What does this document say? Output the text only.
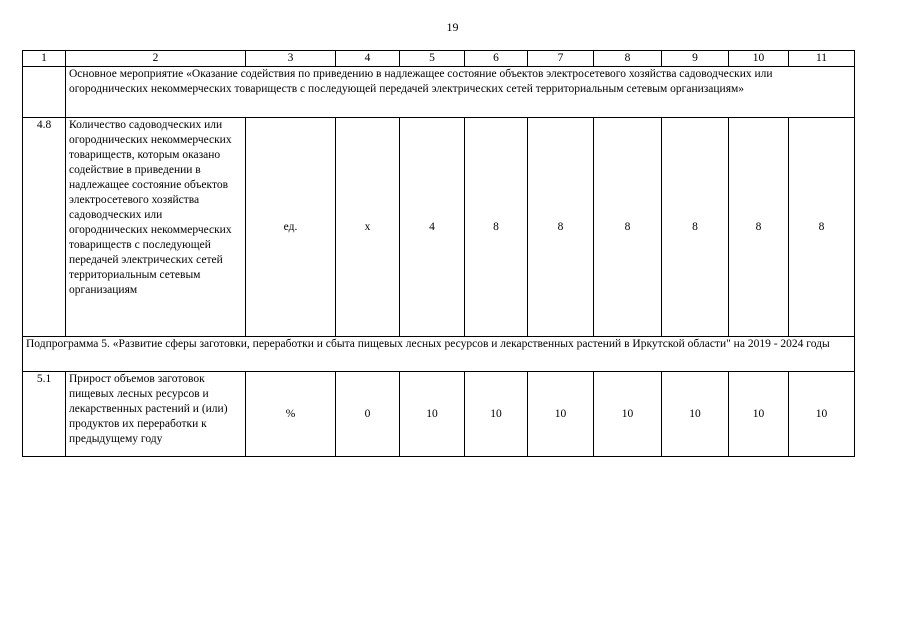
19
1	2	3	4	5	6	7	8	9	10	11
	Основное мероприятие «Оказание содействия по приведению в надлежащее состояние объектов электросетевого хозяйства садоводческих или огороднических некоммерческих товариществ с последующей передачей электрических сетей территориальным сетевым организациям»									
4.8	Количество садоводческих или огороднических некоммерческих товариществ, которым оказано содействие в приведении в надлежащее состояние объектов электросетевого хозяйства садоводческих или огороднических некоммерческих товариществ с последующей передачей электрических сетей территориальным сетевым организациям	ед.	х	4	8	8	8	8	8	8
Подпрограмма 5. «Развитие сферы заготовки, переработки и сбыта пищевых лесных ресурсов и лекарственных растений в Иркутской области" на 2019 - 2024 годы										
5.1	Прирост объемов заготовок пищевых лесных ресурсов и лекарственных растений и (или) продуктов их переработки к предыдущему году	%	0	10	10	10	10	10	10	10
